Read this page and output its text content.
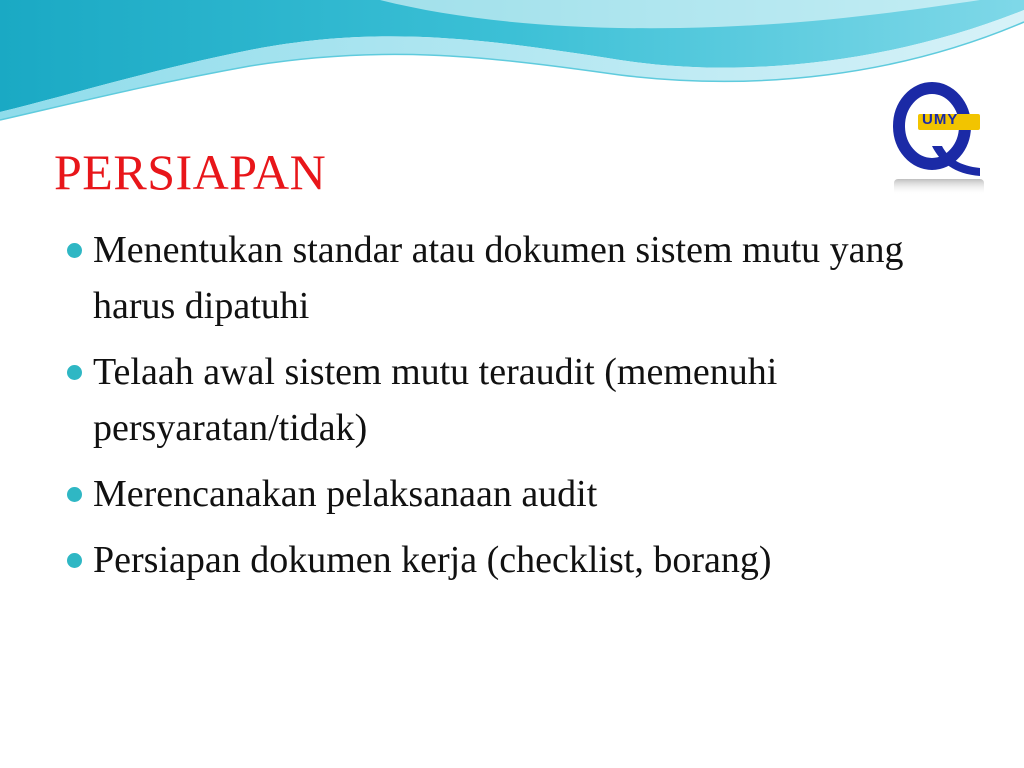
PERSIAPAN
UMY
Menentukan standar atau dokumen sistem mutu yang harus dipatuhi
Telaah awal sistem mutu teraudit (memenuhi persyaratan/tidak)
Merencanakan pelaksanaan audit
Persiapan dokumen kerja (checklist, borang)
